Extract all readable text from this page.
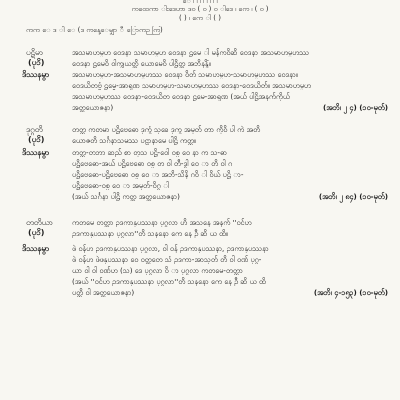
ေ ၊ ၊ ၊ ၊ ၊ ၊ ၊ ၊
ကထေကာ ါးဒေဟာ ဒဝ ( ၀ ) ၀ ါဒေ ၊ ကေ ၊ ( ၀ )
( ) ၊ ကေ ါ ( )
ကက ေ ဒ ါ ေ (ဒ ကနေ့ေမျှာ ီ ြောကဉ ကြ)
ပဋိမာ
(ပု၁ိ)
ဒိဿနမွာ
အသမာဟမ္ဟ ဝေဒနာ သမာဟမ္ဟ ဝေဒနာ ဠမေ ါ မန်ကဝိဆိ ဝေဒနာ အသမာဟမ္ဟဿ
ဝေဒနာ ဠမေဝိ ဝါက္ခုယတ္တိ ယောမေဝိ ပါဠိတ္ထ အဘိနန္ဒိံ။
အသမာဟမ္ဟ-အသမာဟမ္ဟဿ ဝေဒနာ ဝိတ် သမာဟမ္ဟ-သမာဟမ္ဟဿ ဝေဒနာ။
ဝေဒယိတဗ္ဗံ ဠမ္ဗေ-အာရုဏ သမာဟမ္ဟ-သမာဟမ္ဟဿ ဝေဒနာ-ဝေဒယိတ်။ အသမာဟမ္ဟ
အသမာဟမ္ဟဿ ဝေဒနာ-ဝေဒယိတ ဝေဒနာ ဠမေ-အာရုဏ (အယ် ပါဠိအနက်ကိုယ်
အတ္ထယောဇနာ)	(အဘိ၊ ၂ ၄) (၁၀-မုတ်)
ဒုဂ္ဂတိ
(ပု၁ိ)
ဒိဿနမွာ
တတ္ထ ကတမာ ပဋိဗေဓော ဒုက္ခံ သုခေ ဒုက္ခ အမှတ် တာ ကိုဝိ ပါ ကဲ အတိ
ယောဇတိ သင်္ဂနာသမဿ ပဋ္ဌာနာမေ ပါဠိ ကတ္တ။
တတ္ထ-တဘာ ဆည် စာ တုသ ပဋိ-ဝေါ ဝစ္ပ ဝေ နာ က သ-ဓာ
ပဋိဗေဓော-အယ် ပဋိဗေဓော ဝစ္ပ တ ဝါ တီ-ဒွါ ဝေ ာ တိ ဝါ ဂ
ပဋိဗေဓော-ပဋိဗေဓော ဝစ္ပ ဝေ ာ အဘိ-သိနိ ဂဝိ ါ ဝိယ် ပဋိ ာ-
ပဋိဗေဓော-ဝစ္ပ ဝေ ာ အမှတ်-ဝိဂ္ဂ ါ
(အယ် သင်္ဂနာ ပါဠိ ကတ္တ အတ္ထယောဇနာ)	(အဘိ၊ ၂ ၈၄) (၁၀-မုတ်)
တတိယာ
(ပု၁ိ)
ဒိဿနမွာ
ကတမေ တတ္ထာ ဥဒကာနုပဿနာ ပုဂ္ဂလာ ဟိ အသနေ အနက် ''ဝင်ဟ
ဥဒကာနုပဿနာ ပုဂ္ဂလာ''တိ သနနော ကေ နေ ဦ ဆိ ယ ထိ။
ဖဲ ဝန်ဟ ဥဒကာနုပဿနာ ပုဂ္ဂလာ, ဝါ ဝန် ဥဒကာနုပဿနာ, ဥဒကာနုပဿနာ
ဖဲ ဝန်ဟ ဖဲဖနုပဿနာ ဝေ ဝတ္ထတေ သံ ဥဒကာ-အာသုတ် တိ ဝါ ဝဏ် ပုဂ္ဂ-
ယာ ဝါ ဝါ ဝဏ်ဟ (သ) ဒေ ပုဂ္ဂလာ ဝိ ာ ပုဂ္ဂလာ ကတမေ-တတ္ထာ
(အယ် ''ဝင်ဟ ဥဒကာနုပဿနာ ပုဂ္ဂလာ''တိ သနနော ကေ နေ ဦ ဆိ ယ ထိ
ပတ္တိ ဝါ အတ္ထယောဇနာ)	(အဘိ၊ ၄-၁၅၃) (၁၀-မုတ်)
